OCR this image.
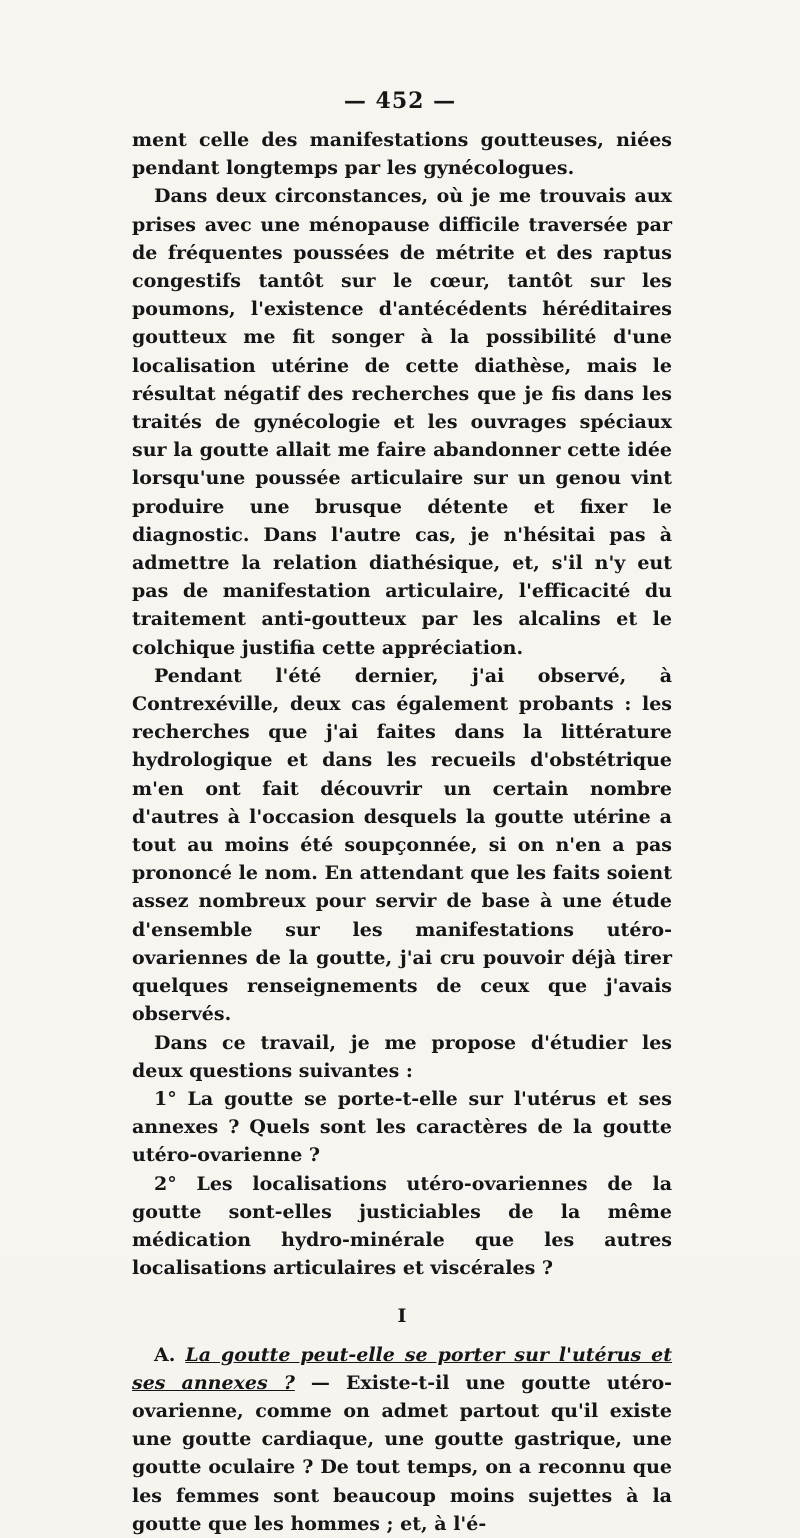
— 452 —

ment celle des manifestations goutteuses, niées pendant longtemps par les gynécologues.

Dans deux circonstances, où je me trouvais aux prises avec une ménopause difficile traversée par de fréquentes poussées de métrite et des raptus congestifs tantôt sur le cœur, tantôt sur les poumons, l'existence d'antécédents héréditaires goutteux me fit songer à la possibilité d'une localisation utérine de cette diathèse, mais le résultat négatif des recherches que je fis dans les traités de gynécologie et les ouvrages spéciaux sur la goutte allait me faire abandonner cette idée lorsqu'une poussée articulaire sur un genou vint produire une brusque détente et fixer le diagnostic. Dans l'autre cas, je n'hésitai pas à admettre la relation diathésique, et, s'il n'y eut pas de manifestation articulaire, l'efficacité du traitement anti-goutteux par les alcalins et le colchique justifia cette appréciation.

Pendant l'été dernier, j'ai observé, à Contrexéville, deux cas également probants : les recherches que j'ai faites dans la littérature hydrologique et dans les recueils d'obstétrique m'en ont fait découvrir un certain nombre d'autres à l'occasion desquels la goutte utérine a tout au moins été soupçonnée, si on n'en a pas prononcé le nom. En attendant que les faits soient assez nombreux pour servir de base à une étude d'ensemble sur les manifestations utéro-ovariennes de la goutte, j'ai cru pouvoir déjà tirer quelques renseignements de ceux que j'avais observés.

Dans ce travail, je me propose d'étudier les deux questions suivantes :

1° La goutte se porte-t-elle sur l'utérus et ses annexes ? Quels sont les caractères de la goutte utéro-ovarienne ?

2° Les localisations utéro-ovariennes de la goutte sont-elles justiciables de la même médication hydro-minérale que les autres localisations articulaires et viscérales ?

I

A. La goutte peut-elle se porter sur l'utérus et ses annexes ? — Existe-t-il une goutte utéro-ovarienne, comme on admet partout qu'il existe une goutte cardiaque, une goutte gastrique, une goutte oculaire ? De tout temps, on a reconnu que les femmes sont beaucoup moins sujettes à la goutte que les hommes ; et, à l'é-
